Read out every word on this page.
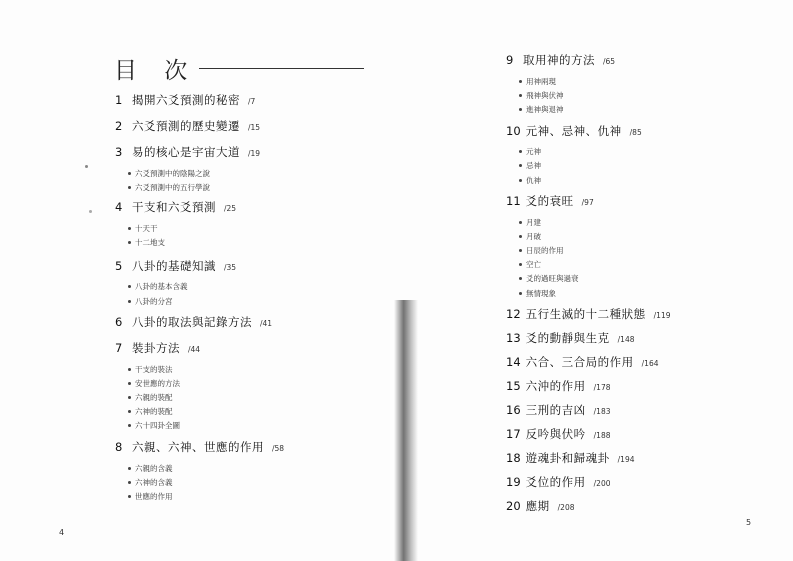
目 次
1 揭開六爻預測的秘密 /7
2 六爻預測的歷史變遷 /15
3 易的核心是宇宙大道 /19
六爻預測中的陰陽之說
六爻預測中的五行學說
4 干支和六爻預測 /25
十天干
十二地支
5 八卦的基礎知識 /35
八卦的基本含義
八卦的分宮
6 八卦的取法與記錄方法 /41
7 裝卦方法 /44
干支的裝法
安世應的方法
六親的裝配
六神的裝配
六十四卦全圖
8 六親、六神、世應的作用 /58
六親的含義
六神的含義
世應的作用
9 取用神的方法 /65
用神兩現
飛神與伏神
進神與退神
10 元神、忌神、仇神 /85
元神
忌神
仇神
11 爻的衰旺 /97
月建
月破
日辰的作用
空亡
爻的過旺與過衰
無情現象
12 五行生滅的十二種狀態 /119
13 爻的動靜與生克 /148
14 六合、三合局的作用 /164
15 六沖的作用 /178
16 三刑的吉凶 /183
17 反吟與伏吟 /188
18 遊魂卦和歸魂卦 /194
19 爻位的作用 /200
20 應期 /208
4
5
